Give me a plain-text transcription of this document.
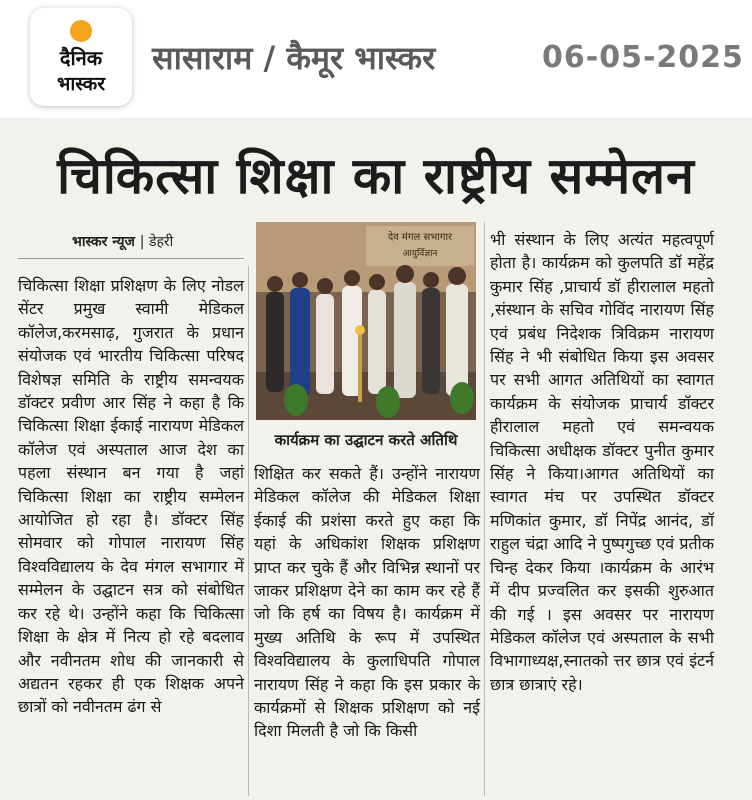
दैनिक
भास्कर
सासाराम / कैमूर भास्कर	06-05-2025
चिकित्सा शिक्षा का राष्ट्रीय सम्मेलन
भास्कर न्यूज | डेहरी

चिकित्सा शिक्षा प्रशिक्षण के लिए नोडल सेंटर प्रमुख स्वामी मेडिकल कॉलेज,करमसाढ़, गुजरात के प्रधान संयोजक एवं भारतीय चिकित्सा परिषद विशेषज्ञ समिति के राष्ट्रीय समन्वयक डॉक्टर प्रवीण आर सिंह ने कहा है कि चिकित्सा शिक्षा ईकाई नारायण मेडिकल कॉलेज एवं अस्पताल आज देश का पहला संस्थान बन गया है जहां चिकित्सा शिक्षा का राष्ट्रीय सम्मेलन आयोजित हो रहा है। डॉक्टर सिंह सोमवार को गोपाल नारायण सिंह विश्वविद्यालय के देव मंगल सभागार में सम्मेलन के उद्घाटन सत्र को संबोधित कर रहे थे। उन्होंने कहा कि चिकित्सा शिक्षा के क्षेत्र में नित्य हो रहे बदलाव और नवीनतम शोध की जानकारी से अद्यतन रहकर ही एक शिक्षक अपने छात्रों को नवीनतम ढंग से

देव मंगल सभागार
आयुर्विज्ञान
कार्यक्रम का उद्घाटन करते अतिथि

शिक्षित कर सकते हैं। उन्होंने नारायण मेडिकल कॉलेज की मेडिकल शिक्षा ईकाई की प्रशंसा करते हुए कहा कि यहां के अधिकांश शिक्षक प्रशिक्षण प्राप्त कर चुके हैं और विभिन्न स्थानों पर जाकर प्रशिक्षण देने का काम कर रहे हैं जो कि हर्ष का विषय है। कार्यक्रम में मुख्य अतिथि के रूप में उपस्थित विश्वविद्यालय के कुलाधिपति गोपाल नारायण सिंह ने कहा कि इस प्रकार के कार्यक्रमों से शिक्षक प्रशिक्षण को नई दिशा मिलती है जो कि किसी

भी संस्थान के लिए अत्यंत महत्वपूर्ण होता है। कार्यक्रम को कुलपति डॉ महेंद्र कुमार सिंह ,प्राचार्य डॉ हीरालाल महतो ,संस्थान के सचिव गोविंद नारायण सिंह एवं प्रबंध निदेशक त्रिविक्रम नारायण सिंह ने भी संबोधित किया इस अवसर पर सभी आगत अतिथियों का स्वागत कार्यक्रम के संयोजक प्राचार्य डॉक्टर हीरालाल महतो एवं समन्वयक चिकित्सा अधीक्षक डॉक्टर पुनीत कुमार सिंह ने किया।आगत अतिथियों का स्वागत मंच पर उपस्थित डॉक्टर मणिकांत कुमार, डॉ निपेंद्र आनंद, डॉ राहुल चंद्रा आदि ने पुष्पगुच्छ एवं प्रतीक चिन्ह देकर किया ।कार्यक्रम के आरंभ में दीप प्रज्वलित कर इसकी शुरुआत की गई । इस अवसर पर नारायण मेडिकल कॉलेज एवं अस्पताल के सभी विभागाध्यक्ष,स्नातको त्तर छात्र एवं इंटर्न छात्र छात्राएं रहे।
